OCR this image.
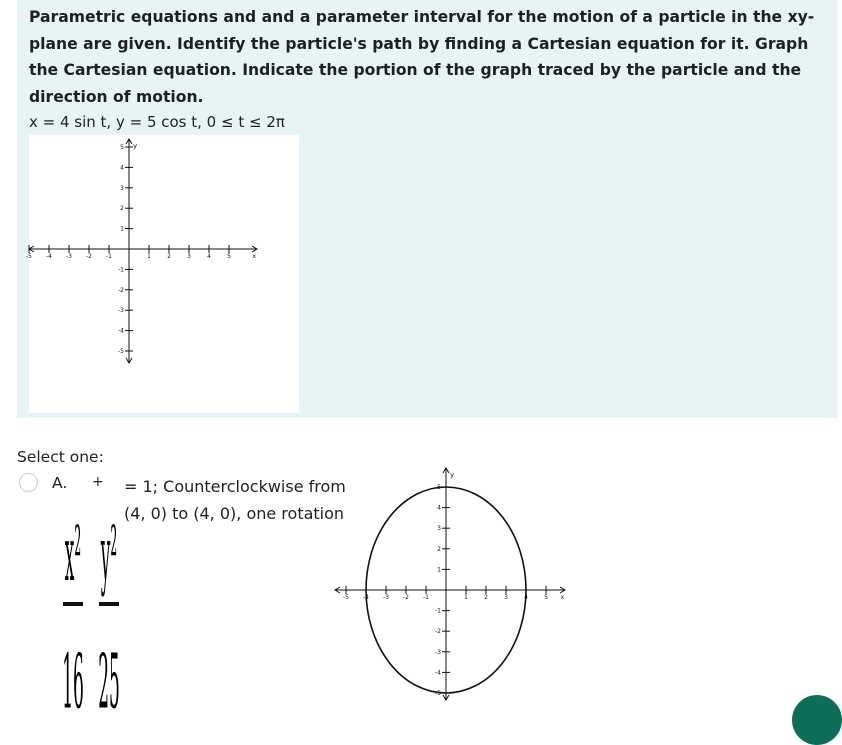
Parametric equations and and a parameter interval for the motion of a particle in the xy-plane are given. Identify the particle's path by finding a Cartesian equation for it. Graph the Cartesian equation. Indicate the portion of the graph traced by the particle and the direction of motion.

x = 4 sin t, y = 5 cos t, 0 ≤ t ≤ 2π
-5 -4 -3 -2 -1	1	2	3	4	5
5
4
3
2
1
-1
-2
-3
-4
-5
x
y
Select one:
A. +
x²
16
y²
25
= 1; Counterclockwise from (4, 0) to (4, 0), one rotation
-5 -4 -3 -2 -1	1	2	3	4	5
5
4
3
2
1
-1
-2
-3
-4
-5
x
y
